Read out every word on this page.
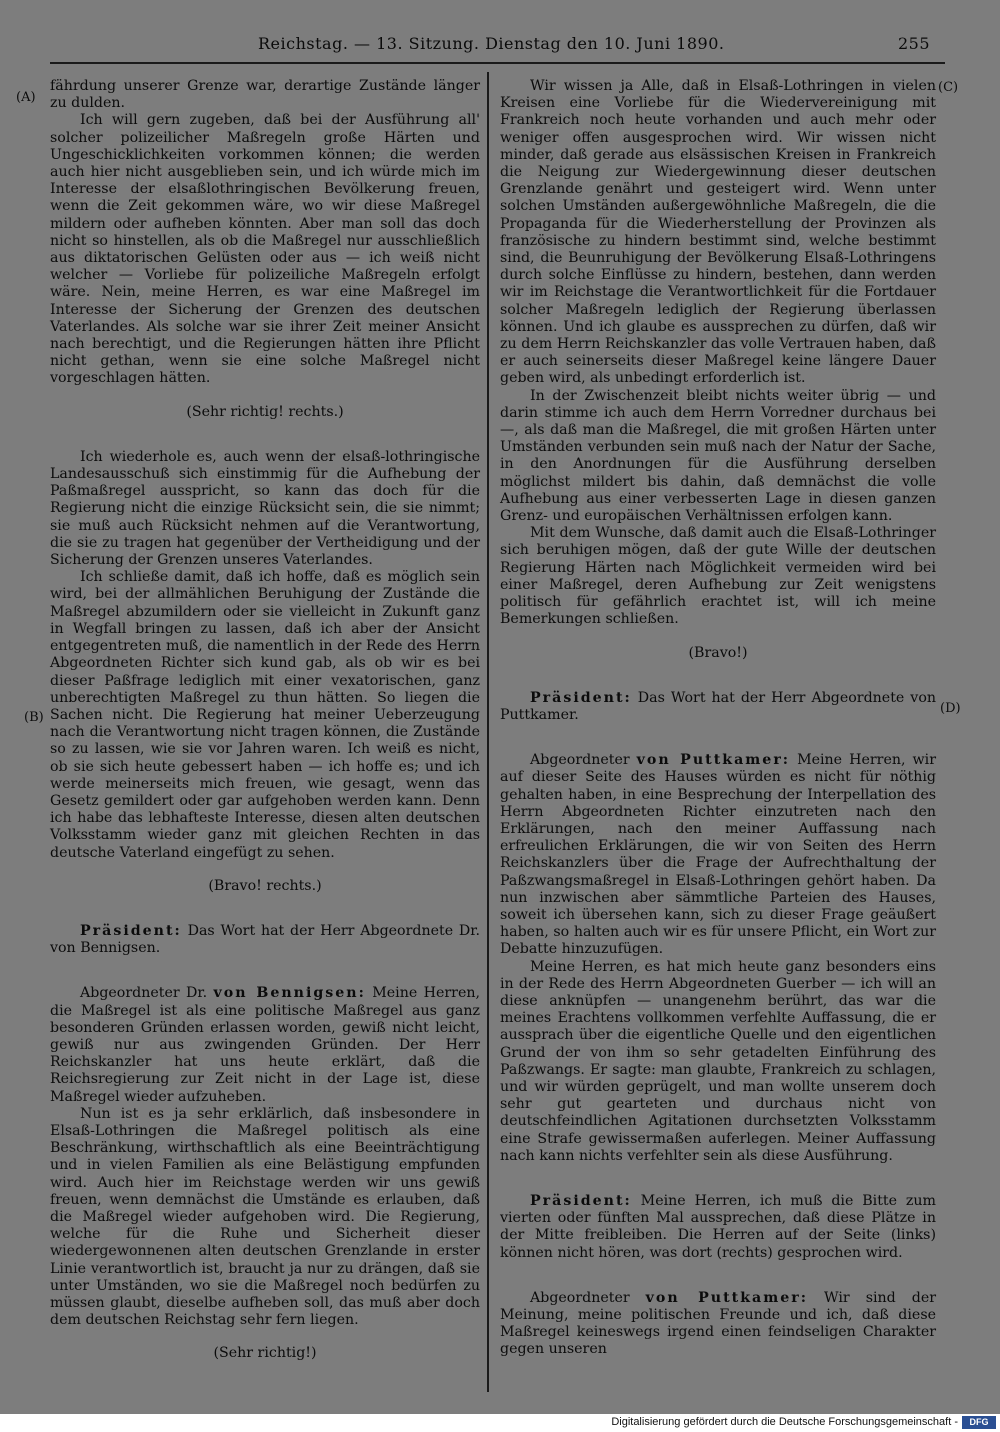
Reichstag. — 13. Sitzung. Dienstag den 10. Juni 1890.	255
(A)
(B)
(C)
(D)

fährdung unserer Grenze war, derartige Zustände länger zu dulden.

Ich will gern zugeben, daß bei der Ausführung all' solcher polizeilicher Maßregeln große Härten und Ungeschicklichkeiten vorkommen können; die werden auch hier nicht ausgeblieben sein, und ich würde mich im Interesse der elsaßlothringischen Bevölkerung freuen, wenn die Zeit gekommen wäre, wo wir diese Maßregel mildern oder aufheben könnten. Aber man soll das doch nicht so hinstellen, als ob die Maßregel nur ausschließlich aus diktatorischen Gelüsten oder aus — ich weiß nicht welcher — Vorliebe für polizeiliche Maßregeln erfolgt wäre. Nein, meine Herren, es war eine Maßregel im Interesse der Sicherung der Grenzen des deutschen Vaterlandes. Als solche war sie ihrer Zeit meiner Ansicht nach berechtigt, und die Regierungen hätten ihre Pflicht nicht gethan, wenn sie eine solche Maßregel nicht vorgeschlagen hätten.

(Sehr richtig! rechts.)

Ich wiederhole es, auch wenn der elsaß-lothringische Landesausschuß sich einstimmig für die Aufhebung der Paßmaßregel ausspricht, so kann das doch für die Regierung nicht die einzige Rücksicht sein, die sie nimmt; sie muß auch Rücksicht nehmen auf die Verantwortung, die sie zu tragen hat gegenüber der Vertheidigung und der Sicherung der Grenzen unseres Vaterlandes.

Ich schließe damit, daß ich hoffe, daß es möglich sein wird, bei der allmählichen Beruhigung der Zustände die Maßregel abzumildern oder sie vielleicht in Zukunft ganz in Wegfall bringen zu lassen, daß ich aber der Ansicht entgegentreten muß, die namentlich in der Rede des Herrn Abgeordneten Richter sich kund gab, als ob wir es bei dieser Paßfrage lediglich mit einer vexatorischen, ganz unberechtigten Maßregel zu thun hätten. So liegen die Sachen nicht. Die Regierung hat meiner Ueberzeugung nach die Verantwortung nicht tragen können, die Zustände so zu lassen, wie sie vor Jahren waren. Ich weiß es nicht, ob sie sich heute gebessert haben — ich hoffe es; und ich werde meinerseits mich freuen, wie gesagt, wenn das Gesetz gemildert oder gar aufgehoben werden kann. Denn ich habe das lebhafteste Interesse, diesen alten deutschen Volksstamm wieder ganz mit gleichen Rechten in das deutsche Vaterland eingefügt zu sehen.

(Bravo! rechts.)

Präsident: Das Wort hat der Herr Abgeordnete Dr. von Bennigsen.

Abgeordneter Dr. von Bennigsen: Meine Herren, die Maßregel ist als eine politische Maßregel aus ganz besonderen Gründen erlassen worden, gewiß nicht leicht, gewiß nur aus zwingenden Gründen. Der Herr Reichskanzler hat uns heute erklärt, daß die Reichsregierung zur Zeit nicht in der Lage ist, diese Maßregel wieder aufzuheben.

Nun ist es ja sehr erklärlich, daß insbesondere in Elsaß-Lothringen die Maßregel politisch als eine Beschränkung, wirthschaftlich als eine Beeinträchtigung und in vielen Familien als eine Belästigung empfunden wird. Auch hier im Reichstage werden wir uns gewiß freuen, wenn demnächst die Umstände es erlauben, daß die Maßregel wieder aufgehoben wird. Die Regierung, welche für die Ruhe und Sicherheit dieser wiedergewonnenen alten deutschen Grenzlande in erster Linie verantwortlich ist, braucht ja nur zu drängen, daß sie unter Umständen, wo sie die Maßregel noch bedürfen zu müssen glaubt, dieselbe aufheben soll, das muß aber doch dem deutschen Reichstag sehr fern liegen.

(Sehr richtig!)

Wir wissen ja Alle, daß in Elsaß-Lothringen in vielen Kreisen eine Vorliebe für die Wiedervereinigung mit Frankreich noch heute vorhanden und auch mehr oder weniger offen ausgesprochen wird. Wir wissen nicht minder, daß gerade aus elsässischen Kreisen in Frankreich die Neigung zur Wiedergewinnung dieser deutschen Grenzlande genährt und gesteigert wird. Wenn unter solchen Umständen außergewöhnliche Maßregeln, die die Propaganda für die Wiederherstellung der Provinzen als französische zu hindern bestimmt sind, welche bestimmt sind, die Beunruhigung der Bevölkerung Elsaß-Lothringens durch solche Einflüsse zu hindern, bestehen, dann werden wir im Reichstage die Verantwortlichkeit für die Fortdauer solcher Maßregeln lediglich der Regierung überlassen können. Und ich glaube es aussprechen zu dürfen, daß wir zu dem Herrn Reichskanzler das volle Vertrauen haben, daß er auch seinerseits dieser Maßregel keine längere Dauer geben wird, als unbedingt erforderlich ist.

In der Zwischenzeit bleibt nichts weiter übrig — und darin stimme ich auch dem Herrn Vorredner durchaus bei —, als daß man die Maßregel, die mit großen Härten unter Umständen verbunden sein muß nach der Natur der Sache, in den Anordnungen für die Ausführung derselben möglichst mildert bis dahin, daß demnächst die volle Aufhebung aus einer verbesserten Lage in diesen ganzen Grenz- und europäischen Verhältnissen erfolgen kann.

Mit dem Wunsche, daß damit auch die Elsaß-Lothringer sich beruhigen mögen, daß der gute Wille der deutschen Regierung Härten nach Möglichkeit vermeiden wird bei einer Maßregel, deren Aufhebung zur Zeit wenigstens politisch für gefährlich erachtet ist, will ich meine Bemerkungen schließen.

(Bravo!)

Präsident: Das Wort hat der Herr Abgeordnete von Puttkamer.

Abgeordneter von Puttkamer: Meine Herren, wir auf dieser Seite des Hauses würden es nicht für nöthig gehalten haben, in eine Besprechung der Interpellation des Herrn Abgeordneten Richter einzutreten nach den Erklärungen, nach den meiner Auffassung nach erfreulichen Erklärungen, die wir von Seiten des Herrn Reichskanzlers über die Frage der Aufrechthaltung der Paßzwangsmaßregel in Elsaß-Lothringen gehört haben. Da nun inzwischen aber sämmtliche Parteien des Hauses, soweit ich übersehen kann, sich zu dieser Frage geäußert haben, so halten auch wir es für unsere Pflicht, ein Wort zur Debatte hinzuzufügen.

Meine Herren, es hat mich heute ganz besonders eins in der Rede des Herrn Abgeordneten Guerber — ich will an diese anknüpfen — unangenehm berührt, das war die meines Erachtens vollkommen verfehlte Auffassung, die er aussprach über die eigentliche Quelle und den eigentlichen Grund der von ihm so sehr getadelten Einführung des Paßzwangs. Er sagte: man glaubte, Frankreich zu schlagen, und wir würden geprügelt, und man wollte unserem doch sehr gut gearteten und durchaus nicht von deutschfeindlichen Agitationen durchsetzten Volksstamm eine Strafe gewissermaßen auferlegen. Meiner Auffassung nach kann nichts verfehlter sein als diese Ausführung.

Präsident: Meine Herren, ich muß die Bitte zum vierten oder fünften Mal aussprechen, daß diese Plätze in der Mitte freibleiben. Die Herren auf der Seite (links) können nicht hören, was dort (rechts) gesprochen wird.

Abgeordneter von Puttkamer: Wir sind der Meinung, meine politischen Freunde und ich, daß diese Maßregel keineswegs irgend einen feindseligen Charakter gegen unseren

Digitalisierung gefördert durch die Deutsche Forschungsgemeinschaft -	DFG
